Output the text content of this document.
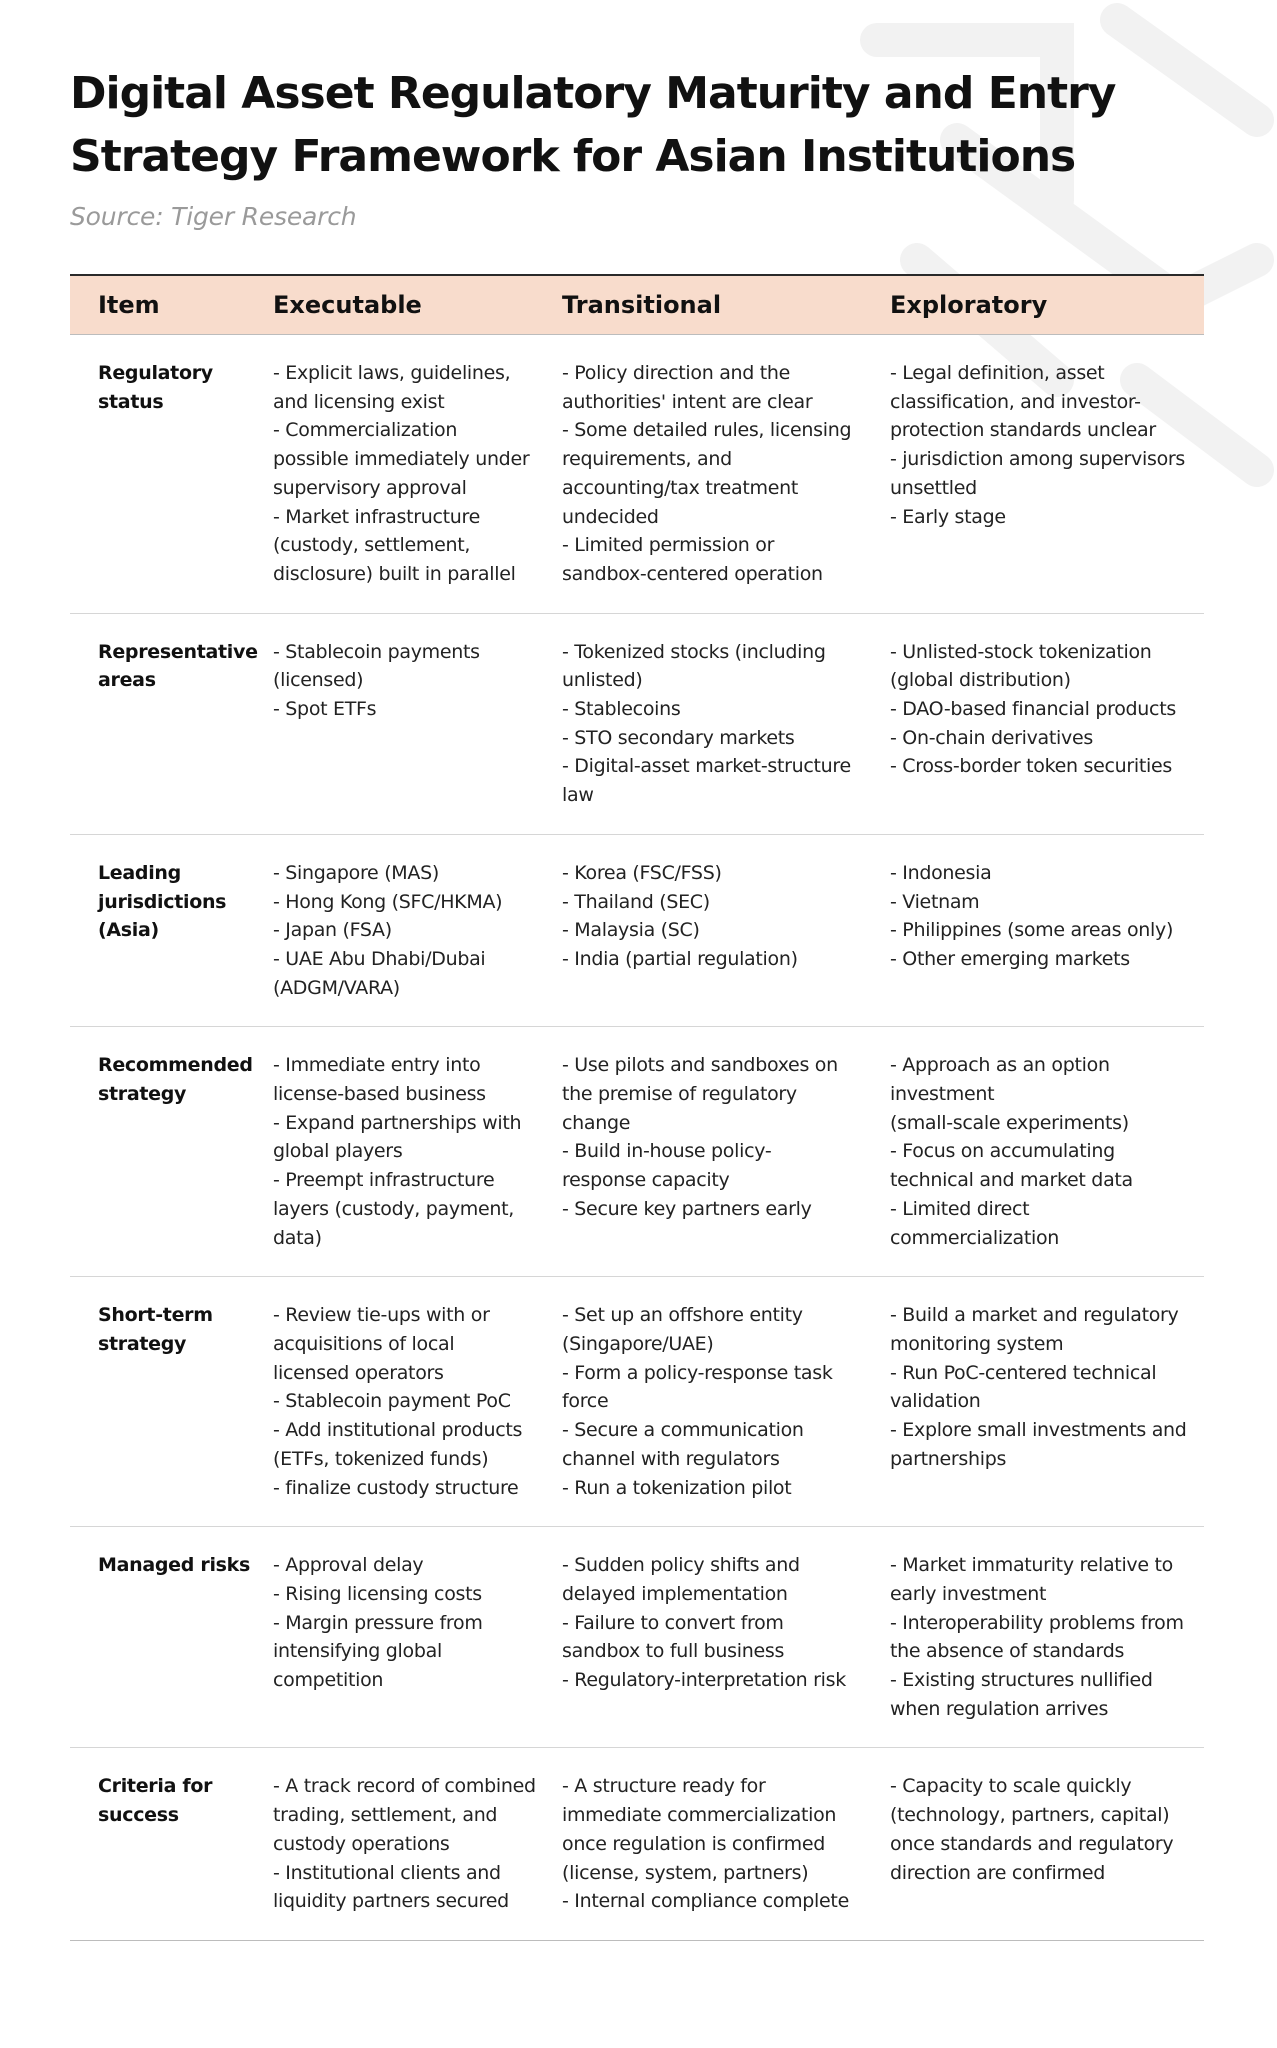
Digital Asset Regulatory Maturity and Entry Strategy Framework for Asian Institutions
Source: Tiger Research
Item	Executable	Transitional	Exploratory

Regulatory
status	- Explicit laws, guidelines, and licensing exist
- Commercialization possible immediately under supervisory approval
- Market infrastructure (custody, settlement, disclosure) built in parallel	- Policy direction and the authorities' intent are clear
- Some detailed rules, licensing requirements, and accounting/tax treatment undecided
- Limited permission or sandbox-centered operation	- Legal definition, asset classification, and investor-protection standards unclear
- jurisdiction among supervisors unsettled
- Early stage

Representative
areas	- Stablecoin payments (licensed)
- Spot ETFs	- Tokenized stocks (including unlisted)
- Stablecoins
- STO secondary markets
- Digital-asset market-structure law	- Unlisted-stock tokenization (global distribution)
- DAO-based financial products
- On-chain derivatives
- Cross-border token securities

Leading
jurisdictions
(Asia)	- Singapore (MAS)
- Hong Kong (SFC/HKMA)
- Japan (FSA)
- UAE Abu Dhabi/Dubai (ADGM/VARA)	- Korea (FSC/FSS)
- Thailand (SEC)
- Malaysia (SC)
- India (partial regulation)	- Indonesia
- Vietnam
- Philippines (some areas only)
- Other emerging markets

Recommended
strategy	- Immediate entry into license-based business
- Expand partnerships with global players
- Preempt infrastructure layers (custody, payment, data)	- Use pilots and sandboxes on the premise of regulatory change
- Build in-house policy-response capacity
- Secure key partners early	- Approach as an option investment
(small-scale experiments)
- Focus on accumulating technical and market data
- Limited direct commercialization

Short-term
strategy	- Review tie-ups with or acquisitions of local licensed operators
- Stablecoin payment PoC
- Add institutional products (ETFs, tokenized funds)
- finalize custody structure	- Set up an offshore entity (Singapore/UAE)
- Form a policy-response task force
- Secure a communication channel with regulators
- Run a tokenization pilot	- Build a market and regulatory monitoring system
- Run PoC-centered technical validation
- Explore small investments and partnerships

Managed risks	- Approval delay
- Rising licensing costs
- Margin pressure from intensifying global competition	- Sudden policy shifts and delayed implementation
- Failure to convert from sandbox to full business
- Regulatory-interpretation risk	- Market immaturity relative to early investment
- Interoperability problems from the absence of standards
- Existing structures nullified when regulation arrives

Criteria for
success	- A track record of combined trading, settlement, and custody operations
- Institutional clients and liquidity partners secured	- A structure ready for immediate commercialization once regulation is confirmed (license, system, partners)
- Internal compliance complete	- Capacity to scale quickly (technology, partners, capital) once standards and regulatory direction are confirmed
